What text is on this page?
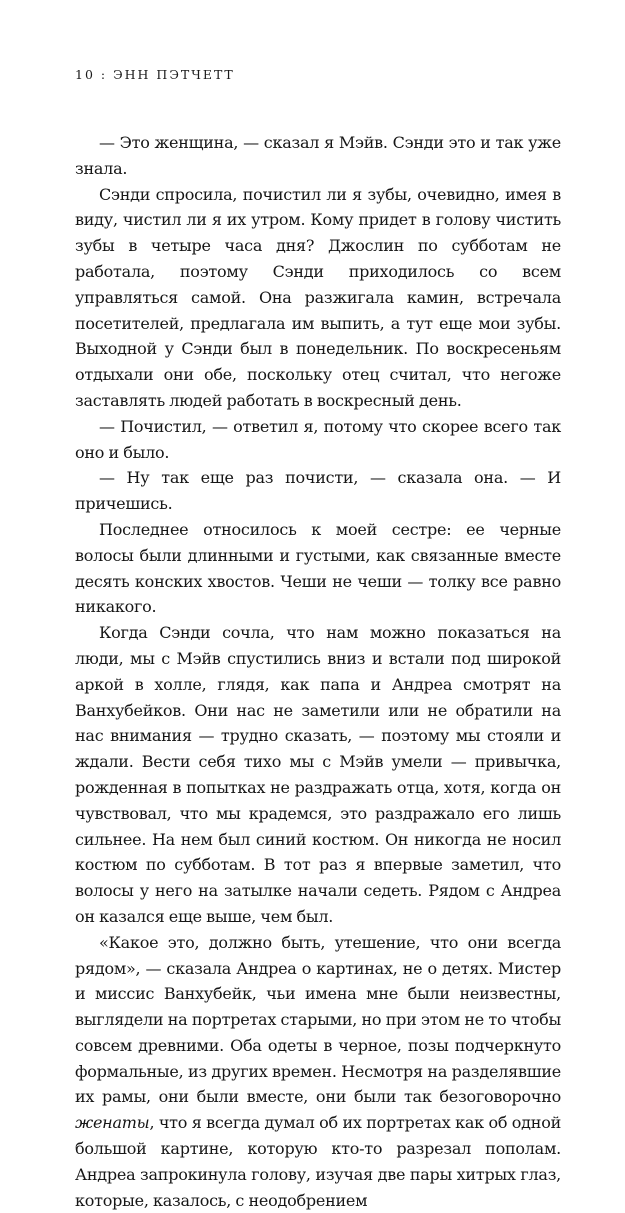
10 : ЭНН ПЭТЧЕТТ

— Это женщина, — сказал я Мэйв. Сэнди это и так уже знала.

Сэнди спросила, почистил ли я зубы, очевидно, имея в виду, чистил ли я их утром. Кому придет в голову чистить зубы в четыре часа дня? Джослин по субботам не работала, поэтому Сэнди приходилось со всем управляться самой. Она разжигала камин, встречала посетителей, предлагала им выпить, а тут еще мои зубы. Выходной у Сэнди был в понедельник. По воскресеньям отдыхали они обе, поскольку отец считал, что негоже заставлять людей работать в воскресный день.

— Почистил, — ответил я, потому что скорее всего так оно и было.

— Ну так еще раз почисти, — сказала она. — И причешись.

Последнее относилось к моей сестре: ее черные волосы были длинными и густыми, как связанные вместе десять конских хвостов. Чеши не чеши — толку все равно никакого.

Когда Сэнди сочла, что нам можно показаться на люди, мы с Мэйв спустились вниз и встали под широкой аркой в холле, глядя, как папа и Андреа смотрят на Ванхубейков. Они нас не заметили или не обратили на нас внимания — трудно сказать, — поэтому мы стояли и ждали. Вести себя тихо мы с Мэйв умели — привычка, рожденная в попытках не раздражать отца, хотя, когда он чувствовал, что мы крадемся, это раздражало его лишь сильнее. На нем был синий костюм. Он никогда не носил костюм по субботам. В тот раз я впервые заметил, что волосы у него на затылке начали седеть. Рядом с Андреа он казался еще выше, чем был.

«Какое это, должно быть, утешение, что они всегда рядом», — сказала Андреа о картинах, не о детях. Мистер и миссис Ванхубейк, чьи имена мне были неизвестны, выглядели на портретах старыми, но при этом не то чтобы совсем древними. Оба одеты в черное, позы подчеркнуто формальные, из других времен. Несмотря на разделявшие их рамы, они были вместе, они были так безоговорочно женаты, что я всегда думал об их портретах как об одной большой картине, которую кто-то разрезал пополам. Андреа запрокинула голову, изучая две пары хитрых глаз, которые, казалось, с неодобрением
